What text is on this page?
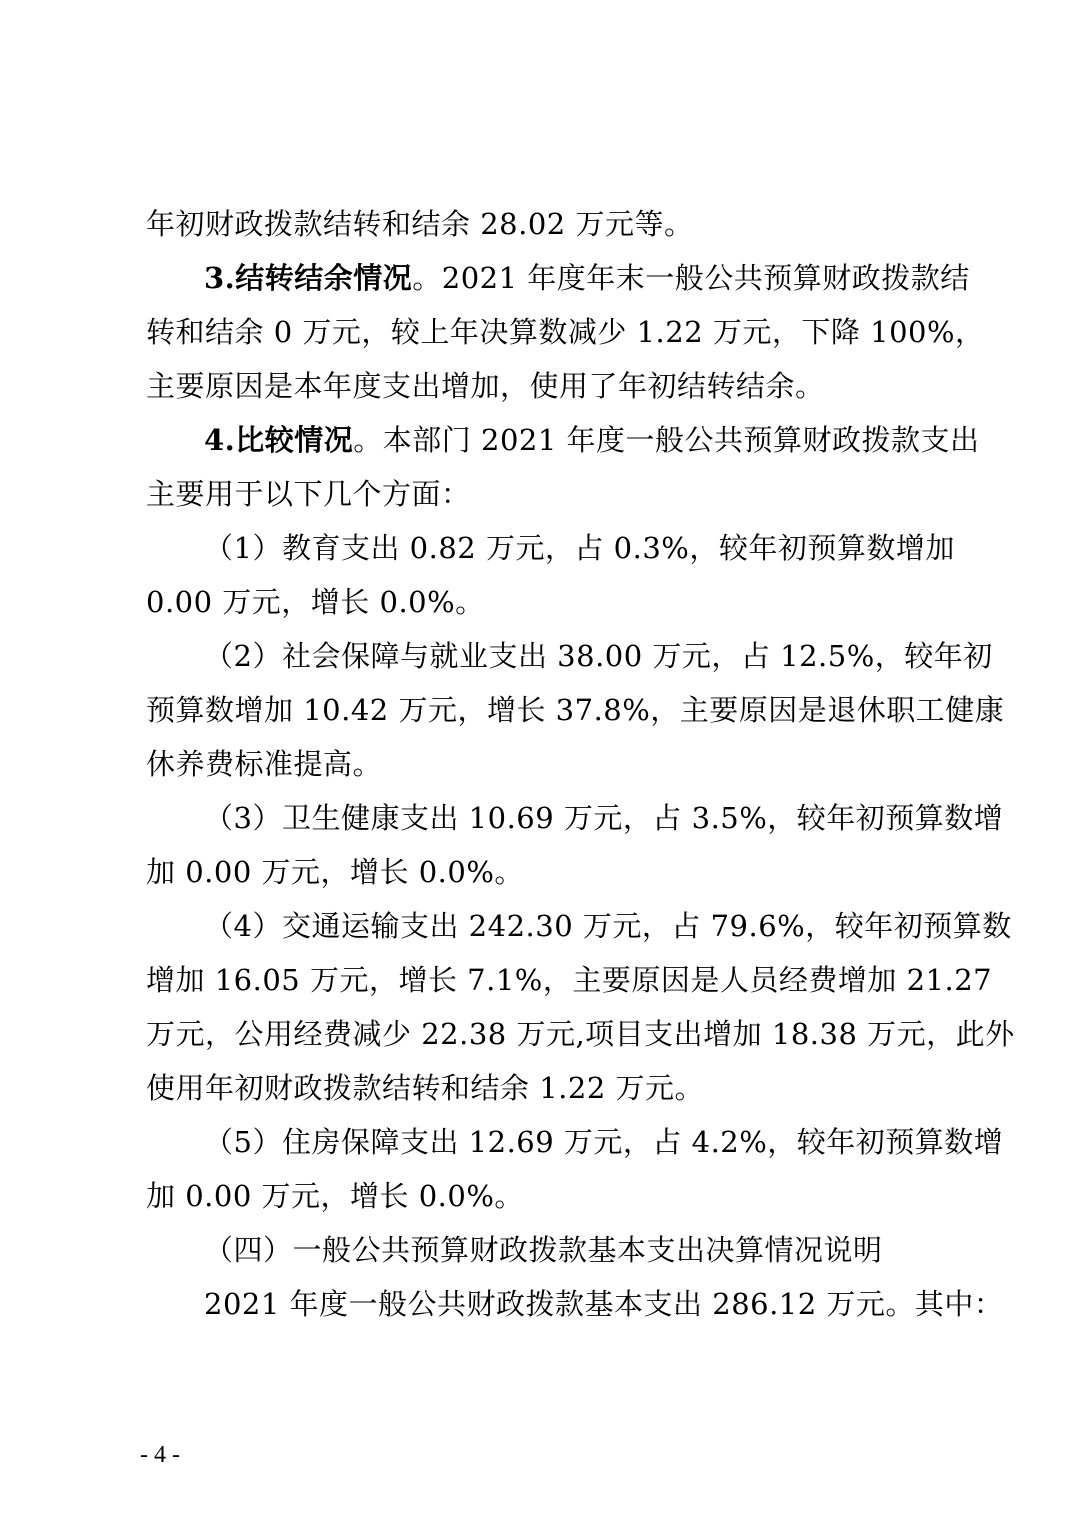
年初财政拨款结转和结余 28.02 万元等。
3.结转结余情况。2021 年度年末一般公共预算财政拨款结
转和结余 0 万元，较上年决算数减少 1.22 万元，下降 100%，
主要原因是本年度支出增加，使用了年初结转结余。
4.比较情况。本部门 2021 年度一般公共预算财政拨款支出
主要用于以下几个方面：
（1）教育支出 0.82 万元，占 0.3%，较年初预算数增加
0.00 万元，增长 0.0%。
（2）社会保障与就业支出 38.00 万元，占 12.5%，较年初
预算数增加 10.42 万元，增长 37.8%，主要原因是退休职工健康
休养费标准提高。
（3）卫生健康支出 10.69 万元，占 3.5%，较年初预算数增
加 0.00 万元，增长 0.0%。
（4）交通运输支出 242.30 万元，占 79.6%，较年初预算数
增加 16.05 万元，增长 7.1%，主要原因是人员经费增加 21.27
万元，公用经费减少 22.38 万元,项目支出增加 18.38 万元，此外
使用年初财政拨款结转和结余 1.22 万元。
（5）住房保障支出 12.69 万元，占 4.2%，较年初预算数增
加 0.00 万元，增长 0.0%。
（四）一般公共预算财政拨款基本支出决算情况说明
2021 年度一般公共财政拨款基本支出 286.12 万元。其中：
- 4 -
